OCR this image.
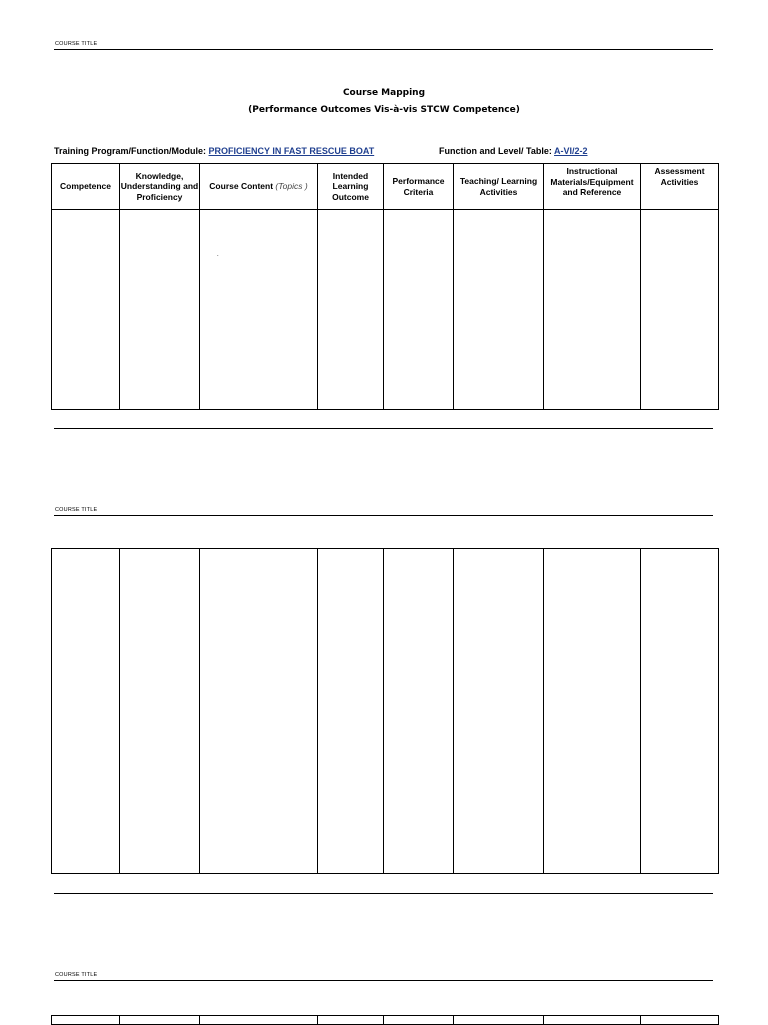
COURSE TITLE
Course Mapping
(Performance Outcomes Vis-à-vis STCW Competence)
Training Program/Function/Module: PROFICIENCY IN FAST RESCUE BOAT	Function and Level/ Table: A-VI/2-2
Competence	Knowledge, Understanding and Proficiency	Course Content (Topics )	Intended Learning Outcome	Performance Criteria	Teaching/ Learning Activities	Instructional Materials/Equipment and Reference	Assessment Activities

.
COURSE TITLE

COURSE TITLE
